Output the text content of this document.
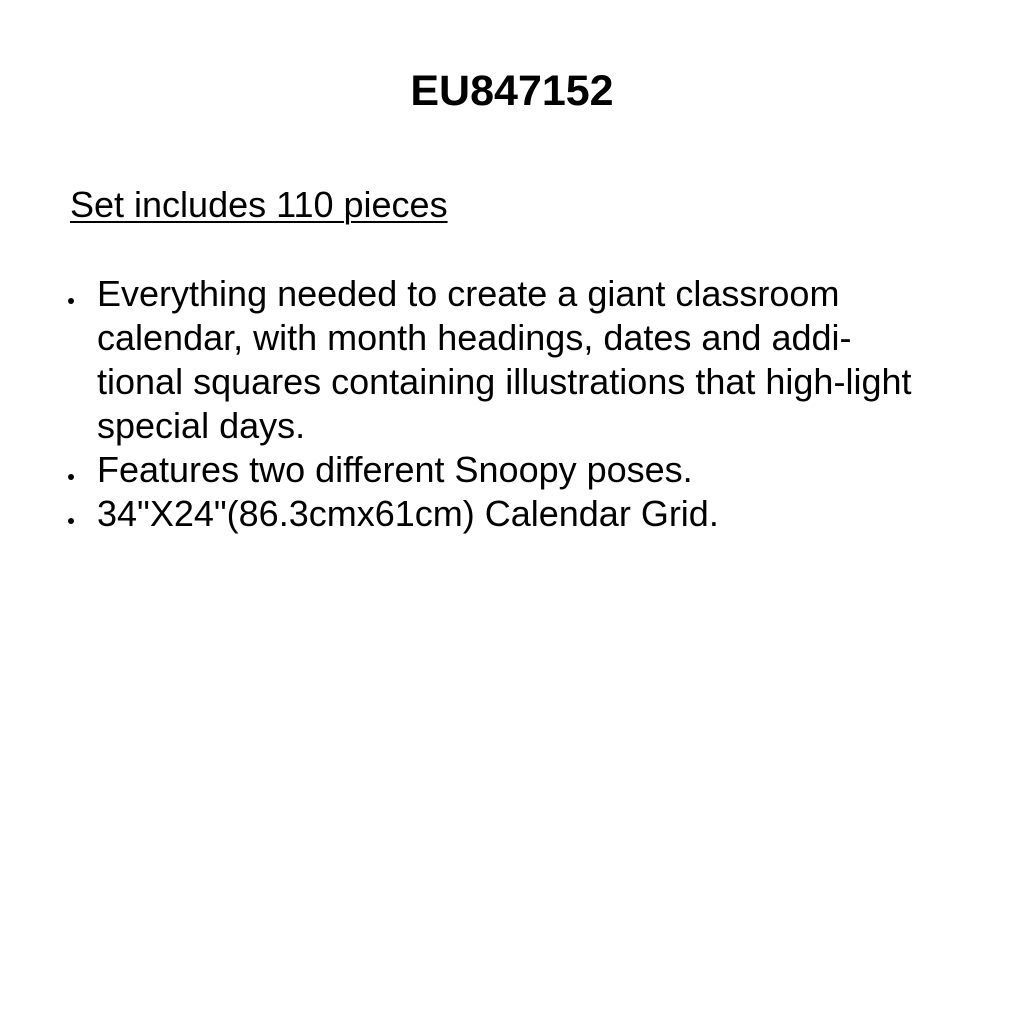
EU847152

Set includes 110 pieces

Everything needed to create a giant classroom calendar, with month headings, dates and addi-tional squares containing illustrations that high-light special days.
Features two different Snoopy poses.
34"X24"(86.3cmx61cm) Calendar Grid.
